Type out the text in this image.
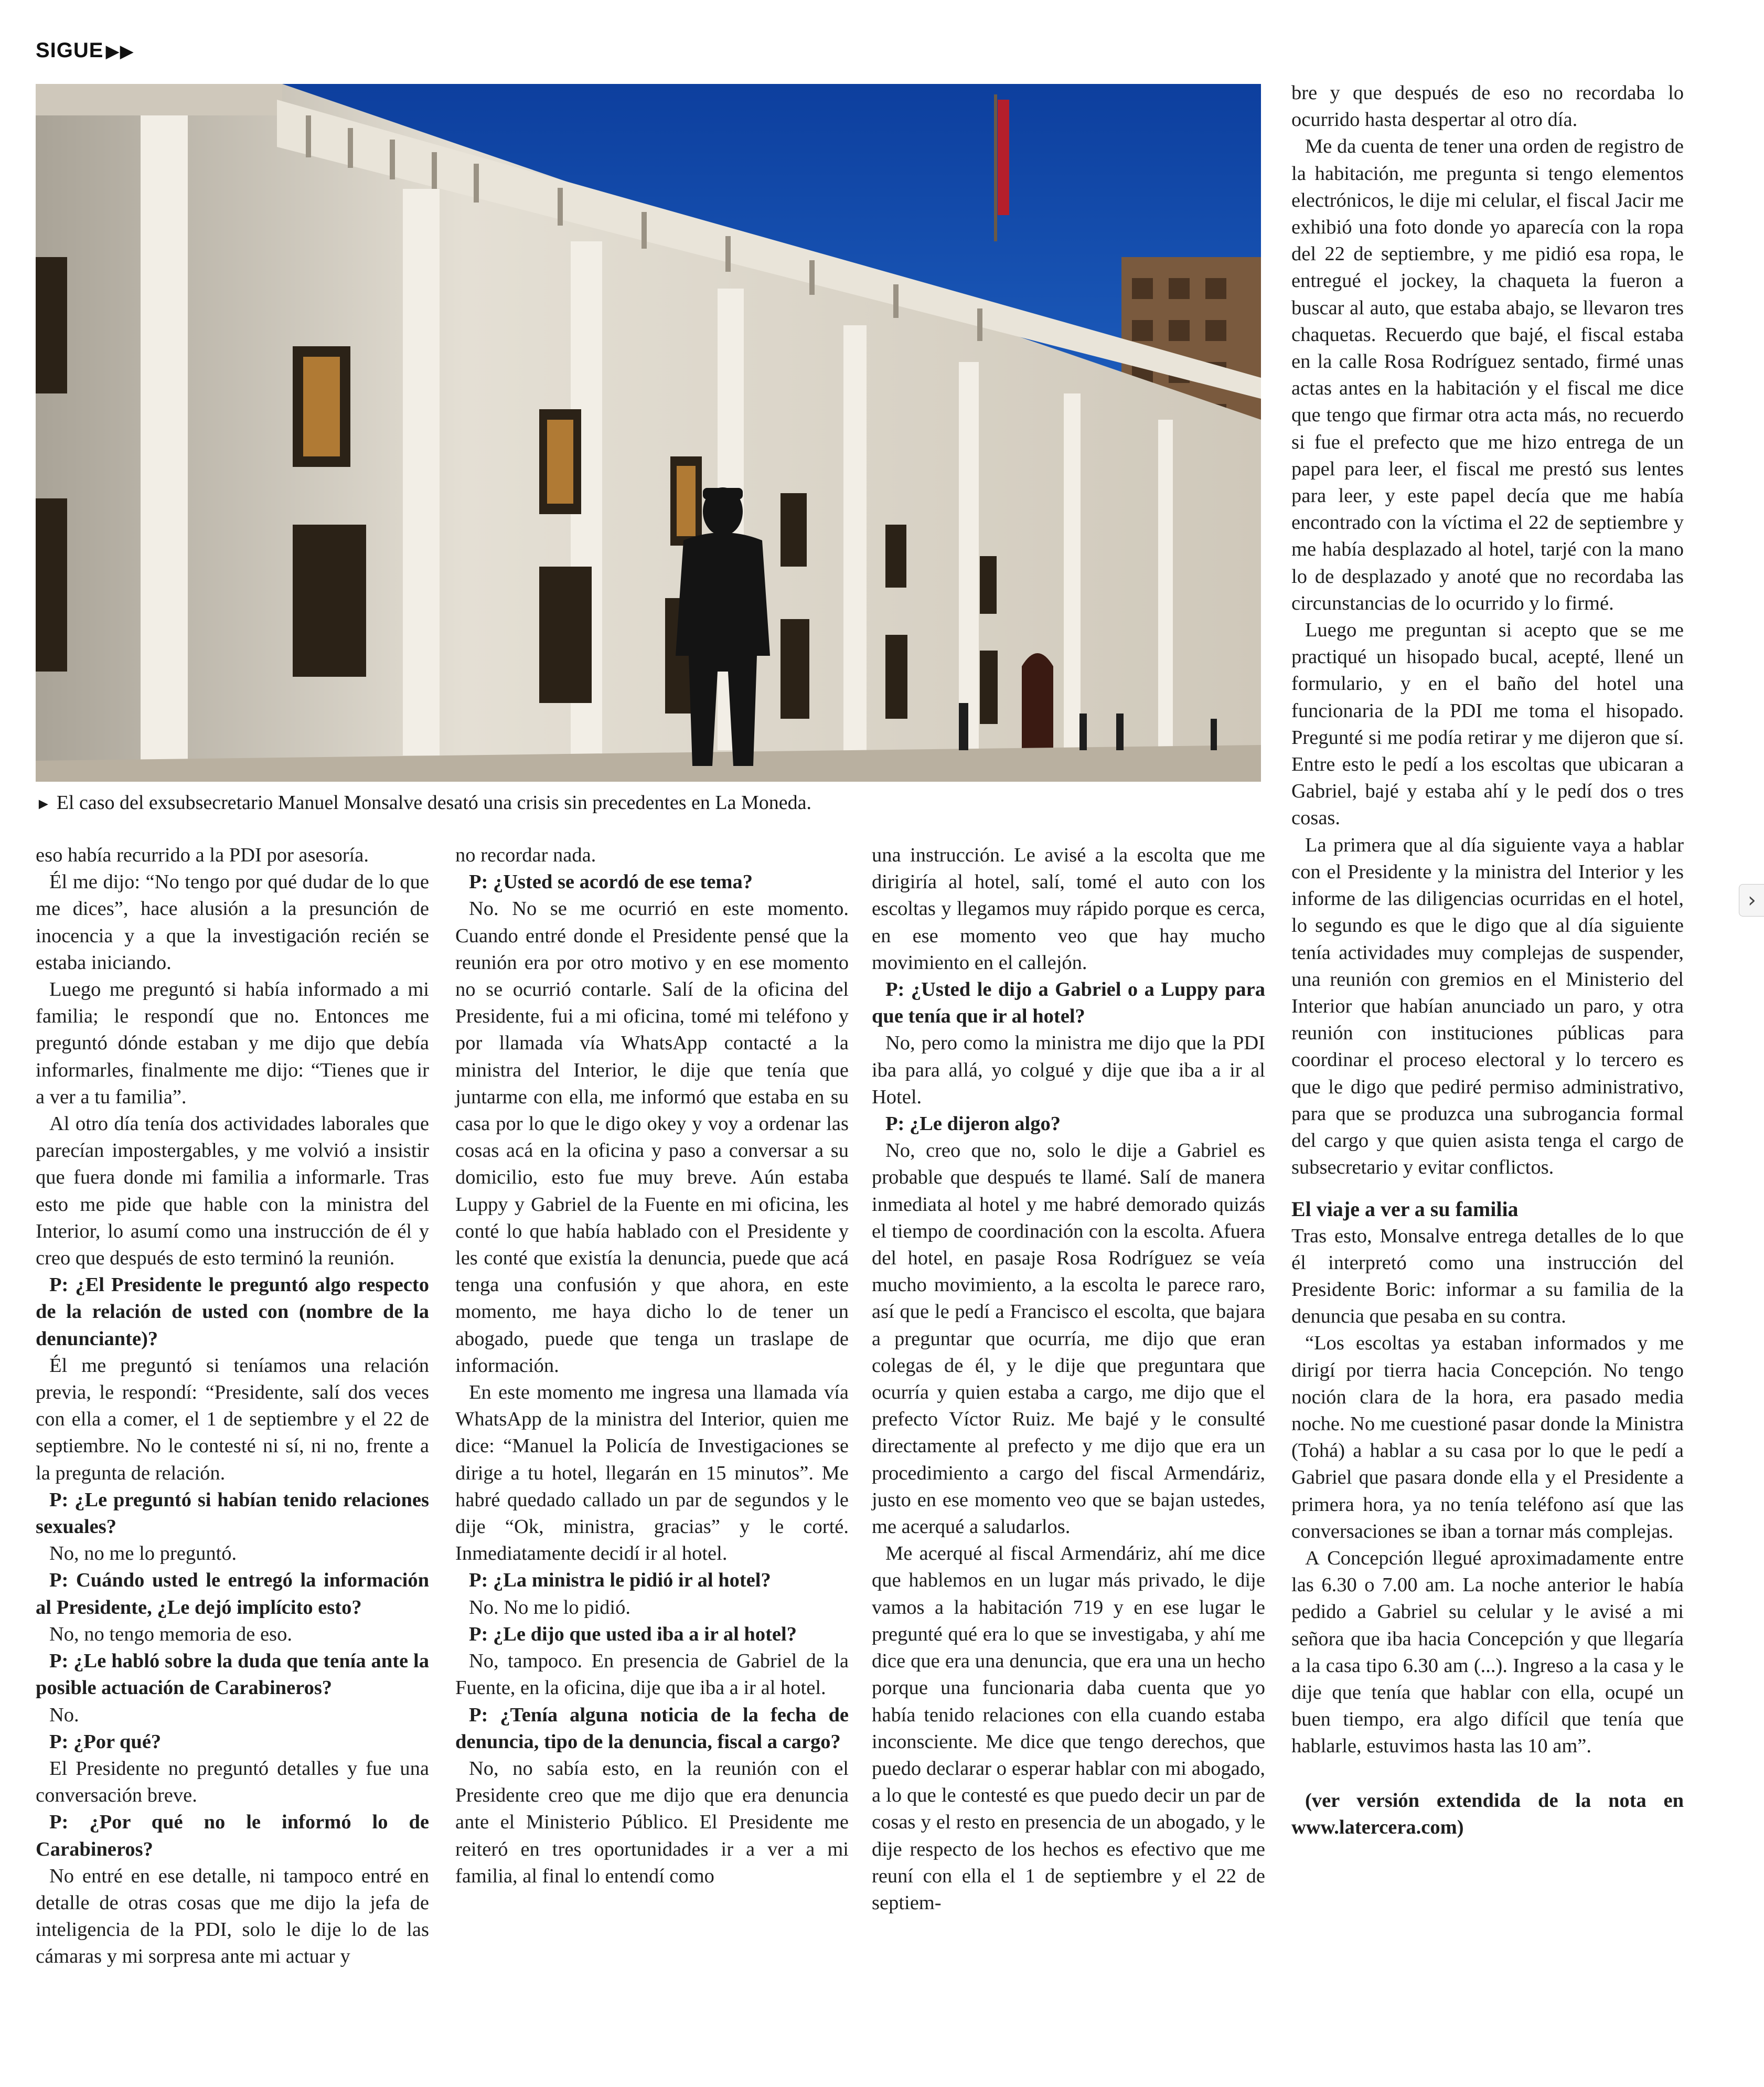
SIGUE ▶▶
► El caso del exsubsecretario Manuel Monsalve desató una crisis sin precedentes en La Moneda.

eso había recurrido a la PDI por asesoría.

Él me dijo: “No tengo por qué dudar de lo que me dices”, hace alusión a la presunción de inocencia y a que la investigación recién se estaba iniciando.

Luego me preguntó si había informado a mi familia; le respondí que no. Entonces me preguntó dónde estaban y me dijo que debía informarles, finalmente me dijo: “Tienes que ir a ver a tu familia”.

Al otro día tenía dos actividades laborales que parecían impostergables, y me volvió a insistir que fuera donde mi familia a informarle. Tras esto me pide que hable con la ministra del Interior, lo asumí como una instrucción de él y creo que después de esto terminó la reunión.

P: ¿El Presidente le preguntó algo respecto de la relación de usted con (nombre de la denunciante)?

Él me preguntó si teníamos una relación previa, le respondí: “Presidente, salí dos veces con ella a comer, el 1 de septiembre y el 22 de septiembre. No le contesté ni sí, ni no, frente a la pregunta de relación.

P: ¿Le preguntó si habían tenido relaciones sexuales?

No, no me lo preguntó.

P: Cuándo usted le entregó la información al Presidente, ¿Le dejó implícito esto?

No, no tengo memoria de eso.

P: ¿Le habló sobre la duda que tenía ante la posible actuación de Carabineros?

No.

P: ¿Por qué?

El Presidente no preguntó detalles y fue una conversación breve.

P: ¿Por qué no le informó lo de Carabineros?

No entré en ese detalle, ni tampoco entré en detalle de otras cosas que me dijo la jefa de inteligencia de la PDI, solo le dije lo de las cámaras y mi sorpresa ante mi actuar y

no recordar nada.

P: ¿Usted se acordó de ese tema?

No. No se me ocurrió en este momento. Cuando entré donde el Presidente pensé que la reunión era por otro motivo y en ese momento no se ocurrió contarle. Salí de la oficina del Presidente, fui a mi oficina, tomé mi teléfono y por llamada vía WhatsApp contacté a la ministra del Interior, le dije que tenía que juntarme con ella, me informó que estaba en su casa por lo que le digo okey y voy a ordenar las cosas acá en la oficina y paso a conversar a su domicilio, esto fue muy breve. Aún estaba Luppy y Gabriel de la Fuente en mi oficina, les conté lo que había hablado con el Presidente y les conté que existía la denuncia, puede que acá tenga una confusión y que ahora, en este momento, me haya dicho lo de tener un abogado, puede que tenga un traslape de información.

En este momento me ingresa una llamada vía WhatsApp de la ministra del Interior, quien me dice: “Manuel la Policía de Investigaciones se dirige a tu hotel, llegarán en 15 minutos”. Me habré quedado callado un par de segundos y le dije “Ok, ministra, gracias” y le corté. Inmediatamente decidí ir al hotel.

P: ¿La ministra le pidió ir al hotel?

No. No me lo pidió.

P: ¿Le dijo que usted iba a ir al hotel?

No, tampoco. En presencia de Gabriel de la Fuente, en la oficina, dije que iba a ir al hotel.

P: ¿Tenía alguna noticia de la fecha de denuncia, tipo de la denuncia, fiscal a cargo?

No, no sabía esto, en la reunión con el Presidente creo que me dijo que era denuncia ante el Ministerio Público. El Presidente me reiteró en tres oportunidades ir a ver a mi familia, al final lo entendí como

una instrucción. Le avisé a la escolta que me dirigiría al hotel, salí, tomé el auto con los escoltas y llegamos muy rápido porque es cerca, en ese momento veo que hay mucho movimiento en el callejón.

P: ¿Usted le dijo a Gabriel o a Luppy para que tenía que ir al hotel?

No, pero como la ministra me dijo que la PDI iba para allá, yo colgué y dije que iba a ir al Hotel.

P: ¿Le dijeron algo?

No, creo que no, solo le dije a Gabriel es probable que después te llamé. Salí de manera inmediata al hotel y me habré demorado quizás el tiempo de coordinación con la escolta. Afuera del hotel, en pasaje Rosa Rodríguez se veía mucho movimiento, a la escolta le parece raro, así que le pedí a Francisco el escolta, que bajara a preguntar que ocurría, me dijo que eran colegas de él, y le dije que preguntara que ocurría y quien estaba a cargo, me dijo que el prefecto Víctor Ruiz. Me bajé y le consulté directamente al prefecto y me dijo que era un procedimiento a cargo del fiscal Armendáriz, justo en ese momento veo que se bajan ustedes, me acerqué a saludarlos.

Me acerqué al fiscal Armendáriz, ahí me dice que hablemos en un lugar más privado, le dije vamos a la habitación 719 y en ese lugar le pregunté qué era lo que se investigaba, y ahí me dice que era una denuncia, que era una un hecho porque una funcionaria daba cuenta que yo había tenido relaciones con ella cuando estaba inconsciente. Me dice que tengo derechos, que puedo declarar o esperar hablar con mi abogado, a lo que le contesté es que puedo decir un par de cosas y el resto en presencia de un abogado, y le dije respecto de los hechos es efectivo que me reuní con ella el 1 de septiembre y el 22 de septiem-

bre y que después de eso no recordaba lo ocurrido hasta despertar al otro día.

Me da cuenta de tener una orden de registro de la habitación, me pregunta si tengo elementos electrónicos, le dije mi celular, el fiscal Jacir me exhibió una foto donde yo aparecía con la ropa del 22 de septiembre, y me pidió esa ropa, le entregué el jockey, la chaqueta la fueron a buscar al auto, que estaba abajo, se llevaron tres chaquetas. Recuerdo que bajé, el fiscal estaba en la calle Rosa Rodríguez sentado, firmé unas actas antes en la habitación y el fiscal me dice que tengo que firmar otra acta más, no recuerdo si fue el prefecto que me hizo entrega de un papel para leer, el fiscal me prestó sus lentes para leer, y este papel decía que me había encontrado con la víctima el 22 de septiembre y me había desplazado al hotel, tarjé con la mano lo de desplazado y anoté que no recordaba las circunstancias de lo ocurrido y lo firmé.

Luego me preguntan si acepto que se me practiqué un hisopado bucal, acepté, llené un formulario, y en el baño del hotel una funcionaria de la PDI me toma el hisopado. Pregunté si me podía retirar y me dijeron que sí. Entre esto le pedí a los escoltas que ubicaran a Gabriel, bajé y estaba ahí y le pedí dos o tres cosas.

La primera que al día siguiente vaya a hablar con el Presidente y la ministra del Interior y les informe de las diligencias ocurridas en el hotel, lo segundo es que le digo que al día siguiente tenía actividades muy complejas de suspender, una reunión con gremios en el Ministerio del Interior que habían anunciado un paro, y otra reunión con instituciones públicas para coordinar el proceso electoral y lo tercero es que le digo que pediré permiso administrativo, para que se produzca una subrogancia formal del cargo y que quien asista tenga el cargo de subsecretario y evitar conflictos.

El viaje a ver a su familia

Tras esto, Monsalve entrega detalles de lo que él interpretó como una instrucción del Presidente Boric: informar a su familia de la denuncia que pesaba en su contra.

“Los escoltas ya estaban informados y me dirigí por tierra hacia Concepción. No tengo noción clara de la hora, era pasado media noche. No me cuestioné pasar donde la Ministra (Tohá) a hablar a su casa por lo que le pedí a Gabriel que pasara donde ella y el Presidente a primera hora, ya no tenía teléfono así que las conversaciones se iban a tornar más complejas.

A Concepción llegué aproximadamente entre las 6.30 o 7.00 am. La noche anterior le había pedido a Gabriel su celular y le avisé a mi señora que iba hacia Concepción y que llegaría a la casa tipo 6.30 am (...). Ingreso a la casa y le dije que tenía que hablar con ella, ocupé un buen tiempo, era algo difícil que tenía que hablarle, estuvimos hasta las 10 am”.

(ver versión extendida de la nota en www.latercera.com)

›
